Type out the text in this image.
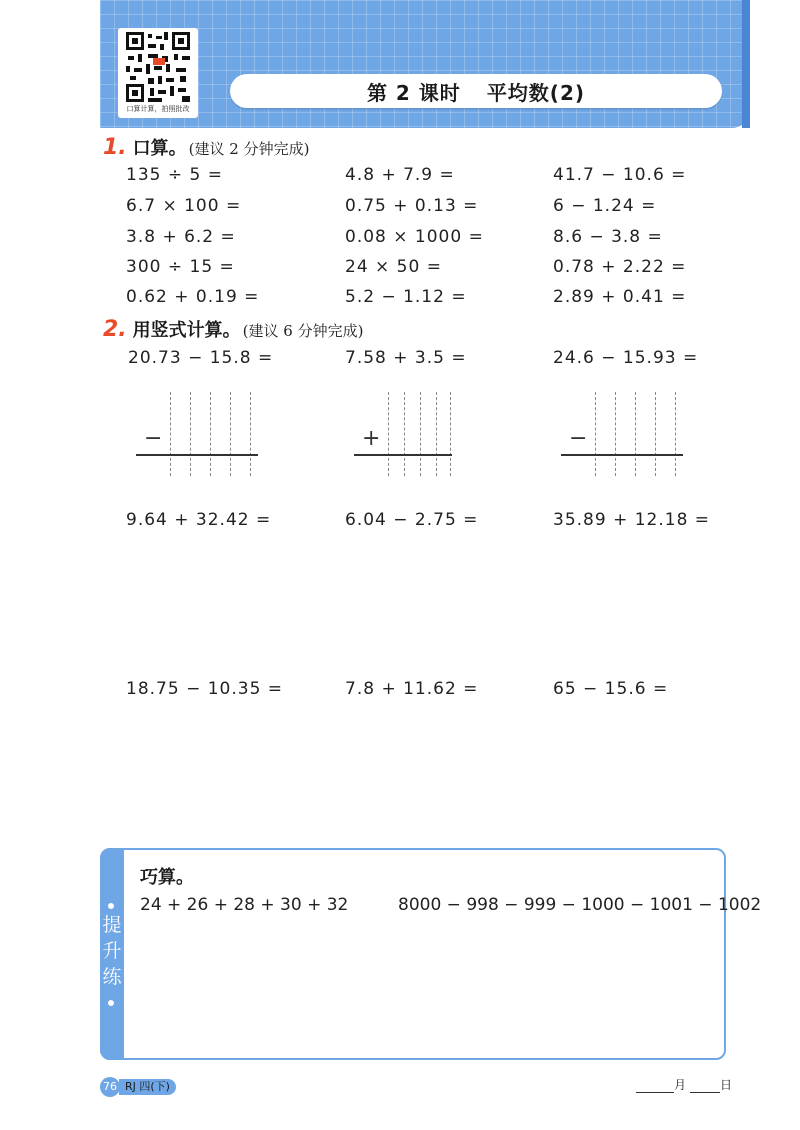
口算计算，拍照批改
第 2 课时 平均数(2)
1. 口算。 (建议 2 分钟完成)
135 ÷ 5 =	4.8 + 7.9 =	41.7 − 10.6 =
6.7 × 100 =	0.75 + 0.13 =	6 − 1.24 =
3.8 + 6.2 =	0.08 × 1000 =	8.6 − 3.8 =
300 ÷ 15 =	24 × 50 =	0.78 + 2.22 =
0.62 + 0.19 =	5.2 − 1.12 =	2.89 + 0.41 =
2. 用竖式计算。 (建议 6 分钟完成)
20.73 − 15.8 =	7.58 + 3.5 =	24.6 − 15.93 =
−	+	−
9.64 + 32.42 =	6.04 − 2.75 =	35.89 + 12.18 =
18.75 − 10.35 =	7.8 + 11.62 =	65 − 15.6 =
提
升
练
巧算。
24 + 26 + 28 + 30 + 32	8000 − 998 − 999 − 1000 − 1001 − 1002
76 RJ 四(下)	月	日
